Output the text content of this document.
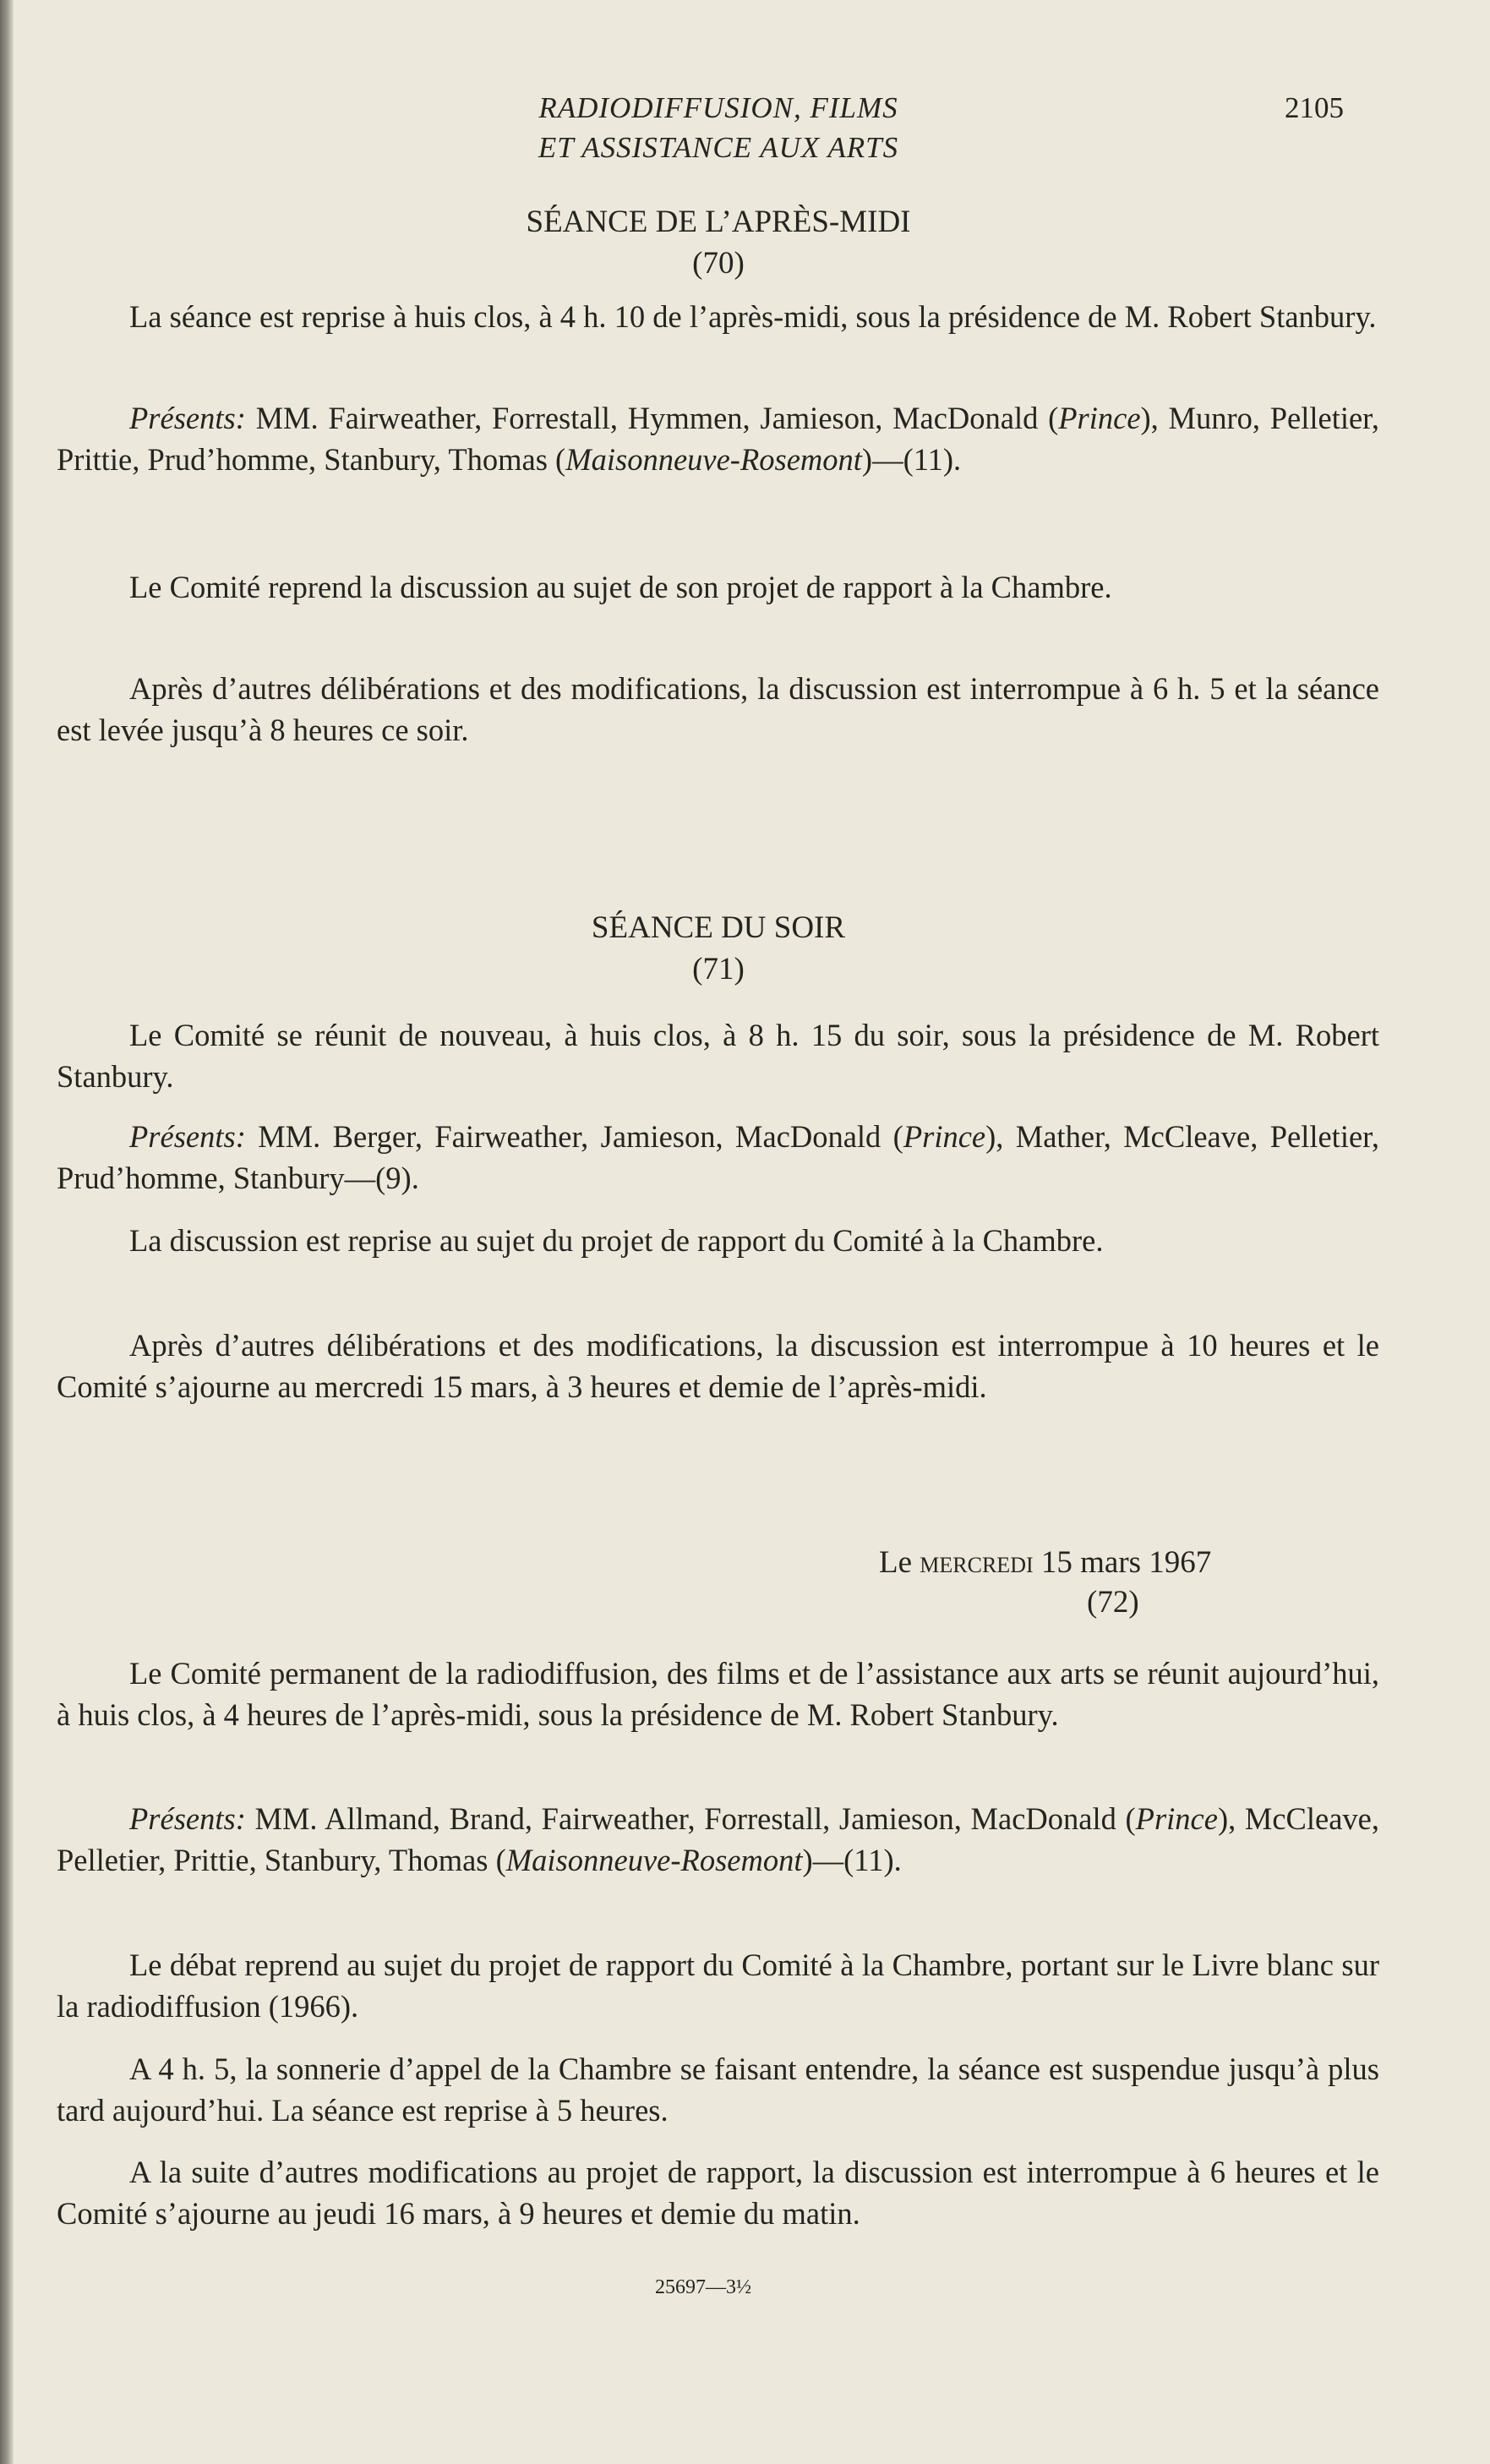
RADIODIFFUSION, FILMS
ET ASSISTANCE AUX ARTS
2105
SÉANCE DE L’APRÈS-MIDI
(70)

La séance est reprise à huis clos, à 4 h. 10 de l’après-midi, sous la présidence de M. Robert Stanbury.

Présents: MM. Fairweather, Forrestall, Hymmen, Jamieson, MacDonald (Prince), Munro, Pelletier, Prittie, Prud’homme, Stanbury, Thomas (Maisonneuve-Rosemont)—(11).

Le Comité reprend la discussion au sujet de son projet de rapport à la Chambre.

Après d’autres délibérations et des modifications, la discussion est interrompue à 6 h. 5 et la séance est levée jusqu’à 8 heures ce soir.

SÉANCE DU SOIR
(71)

Le Comité se réunit de nouveau, à huis clos, à 8 h. 15 du soir, sous la présidence de M. Robert Stanbury.

Présents: MM. Berger, Fairweather, Jamieson, MacDonald (Prince), Mather, McCleave, Pelletier, Prud’homme, Stanbury—(9).

La discussion est reprise au sujet du projet de rapport du Comité à la Chambre.

Après d’autres délibérations et des modifications, la discussion est interrompue à 10 heures et le Comité s’ajourne au mercredi 15 mars, à 3 heures et demie de l’après-midi.

Le mercredi 15 mars 1967
(72)

Le Comité permanent de la radiodiffusion, des films et de l’assistance aux arts se réunit aujourd’hui, à huis clos, à 4 heures de l’après-midi, sous la présidence de M. Robert Stanbury.

Présents: MM. Allmand, Brand, Fairweather, Forrestall, Jamieson, MacDonald (Prince), McCleave, Pelletier, Prittie, Stanbury, Thomas (Maisonneuve-Rosemont)—(11).

Le débat reprend au sujet du projet de rapport du Comité à la Chambre, portant sur le Livre blanc sur la radiodiffusion (1966).

A 4 h. 5, la sonnerie d’appel de la Chambre se faisant entendre, la séance est suspendue jusqu’à plus tard aujourd’hui. La séance est reprise à 5 heures.

A la suite d’autres modifications au projet de rapport, la discussion est interrompue à 6 heures et le Comité s’ajourne au jeudi 16 mars, à 9 heures et demie du matin.

25697—3½
